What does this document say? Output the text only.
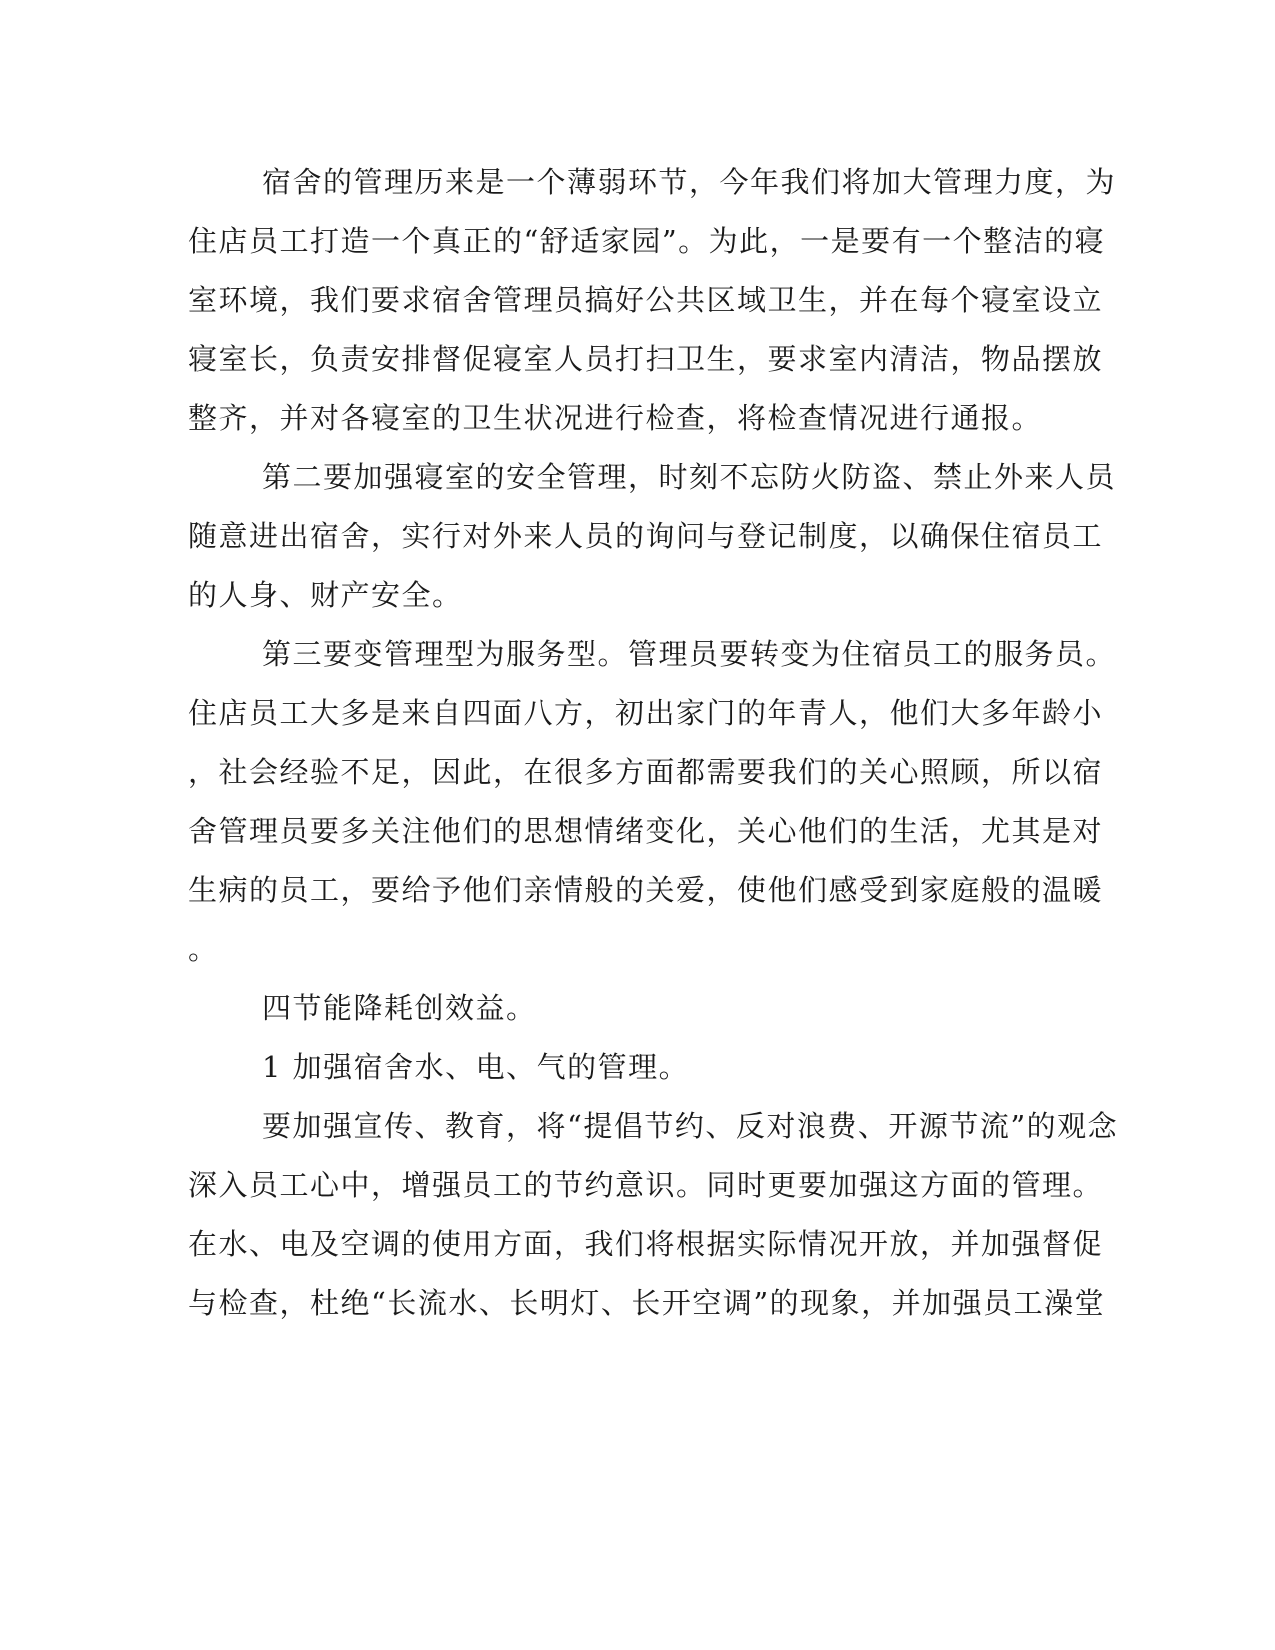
宿舍的管理历来是一个薄弱环节，今年我们将加大管理力度，为
住店员工打造一个真正的“舒适家园”。为此，一是要有一个整洁的寝
室环境，我们要求宿舍管理员搞好公共区域卫生，并在每个寝室设立
寝室长，负责安排督促寝室人员打扫卫生，要求室内清洁，物品摆放
整齐，并对各寝室的卫生状况进行检查，将检查情况进行通报。
第二要加强寝室的安全管理，时刻不忘防火防盗、禁止外来人员
随意进出宿舍，实行对外来人员的询问与登记制度，以确保住宿员工
的人身、财产安全。
第三要变管理型为服务型。管理员要转变为住宿员工的服务员。
住店员工大多是来自四面八方，初出家门的年青人，他们大多年龄小
，社会经验不足，因此，在很多方面都需要我们的关心照顾，所以宿
舍管理员要多关注他们的思想情绪变化，关心他们的生活，尤其是对
生病的员工，要给予他们亲情般的关爱，使他们感受到家庭般的温暖
。
四节能降耗创效益。
1 加强宿舍水、电、气的管理。
要加强宣传、教育，将“提倡节约、反对浪费、开源节流”的观念
深入员工心中，增强员工的节约意识。同时更要加强这方面的管理。
在水、电及空调的使用方面，我们将根据实际情况开放，并加强督促
与检查，杜绝“长流水、长明灯、长开空调”的现象，并加强员工澡堂
